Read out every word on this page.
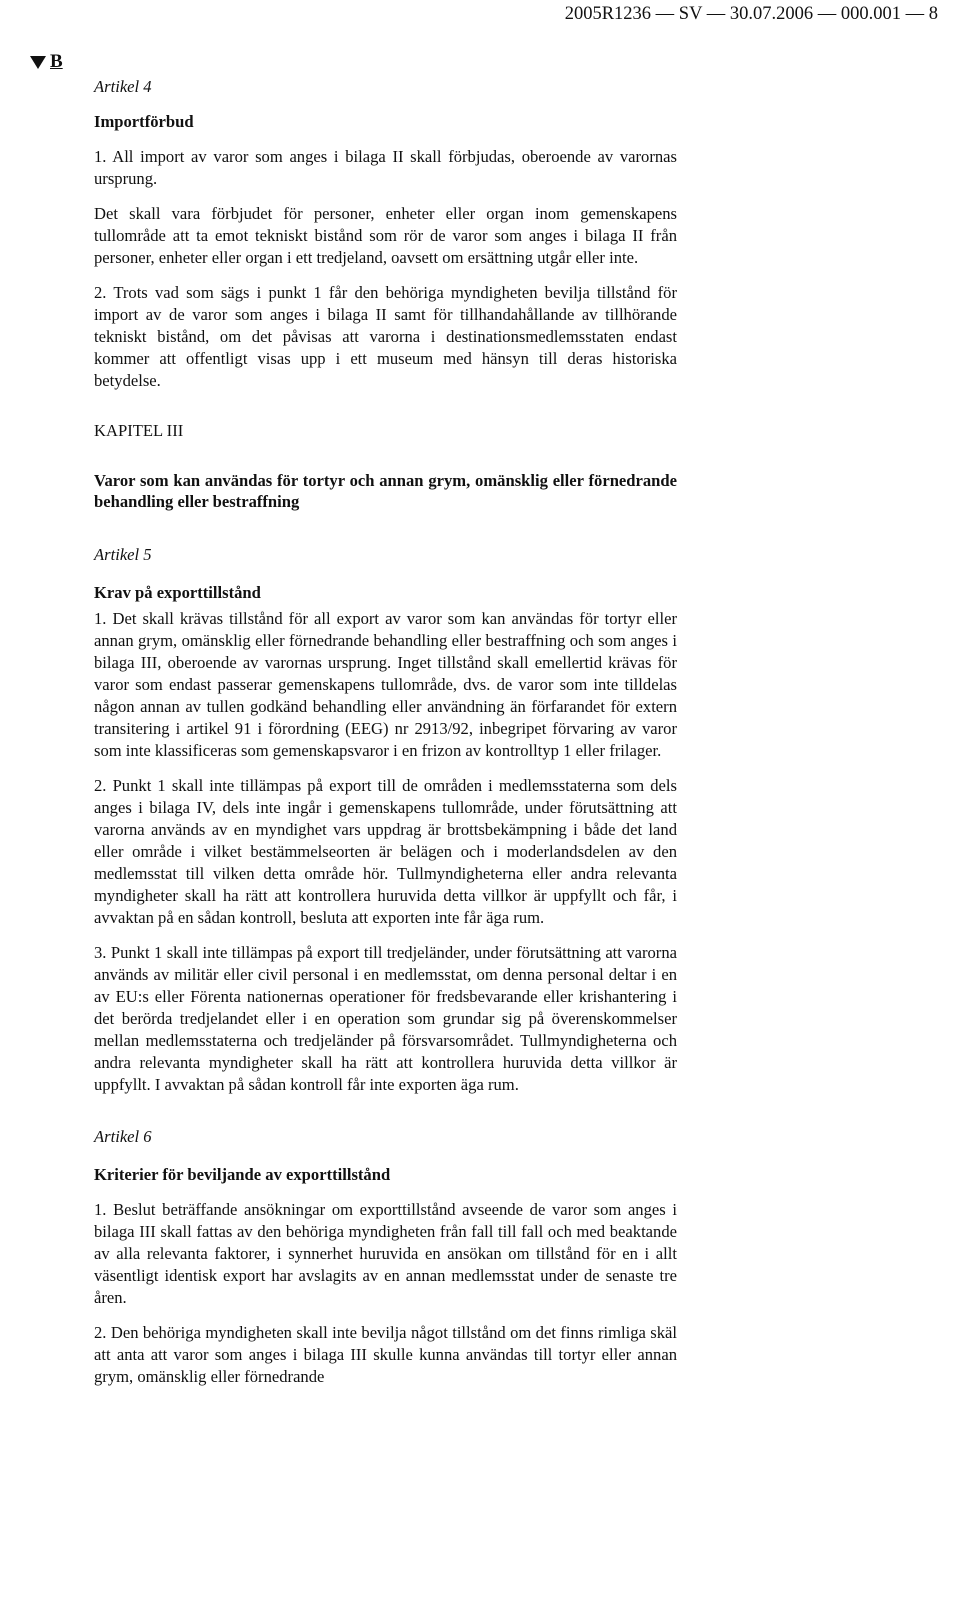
2005R1236 — SV — 30.07.2006 — 000.001 — 8
B

Artikel 4

Importförbud

1. All import av varor som anges i bilaga II skall förbjudas, oberoende av varornas ursprung.

Det skall vara förbjudet för personer, enheter eller organ inom gemenskapens tullområde att ta emot tekniskt bistånd som rör de varor som anges i bilaga II från personer, enheter eller organ i ett tredjeland, oavsett om ersättning utgår eller inte.

2. Trots vad som sägs i punkt 1 får den behöriga myndigheten bevilja tillstånd för import av de varor som anges i bilaga II samt för tillhandahållande av tillhörande tekniskt bistånd, om det påvisas att varorna i destinationsmedlemsstaten endast kommer att offentligt visas upp i ett museum med hänsyn till deras historiska betydelse.

KAPITEL III

Varor som kan användas för tortyr och annan grym, omänsklig eller förnedrande behandling eller bestraffning

Artikel 5

Krav på exporttillstånd

1. Det skall krävas tillstånd för all export av varor som kan användas för tortyr eller annan grym, omänsklig eller förnedrande behandling eller bestraffning och som anges i bilaga III, oberoende av varornas ursprung. Inget tillstånd skall emellertid krävas för varor som endast passerar gemenskapens tullområde, dvs. de varor som inte tilldelas någon annan av tullen godkänd behandling eller användning än förfarandet för extern transitering i artikel 91 i förordning (EEG) nr 2913/92, inbegripet förvaring av varor som inte klassificeras som gemenskapsvaror i en frizon av kontrolltyp 1 eller frilager.

2. Punkt 1 skall inte tillämpas på export till de områden i medlemsstaterna som dels anges i bilaga IV, dels inte ingår i gemenskapens tullområde, under förutsättning att varorna används av en myndighet vars uppdrag är brottsbekämpning i både det land eller område i vilket bestämmelseorten är belägen och i moderlandsdelen av den medlemsstat till vilken detta område hör. Tullmyndigheterna eller andra relevanta myndigheter skall ha rätt att kontrollera huruvida detta villkor är uppfyllt och får, i avvaktan på en sådan kontroll, besluta att exporten inte får äga rum.

3. Punkt 1 skall inte tillämpas på export till tredjeländer, under förutsättning att varorna används av militär eller civil personal i en medlemsstat, om denna personal deltar i en av EU:s eller Förenta nationernas operationer för fredsbevarande eller krishantering i det berörda tredjelandet eller i en operation som grundar sig på överenskommelser mellan medlemsstaterna och tredjeländer på försvarsområdet. Tullmyndigheterna och andra relevanta myndigheter skall ha rätt att kontrollera huruvida detta villkor är uppfyllt. I avvaktan på sådan kontroll får inte exporten äga rum.

Artikel 6

Kriterier för beviljande av exporttillstånd

1. Beslut beträffande ansökningar om exporttillstånd avseende de varor som anges i bilaga III skall fattas av den behöriga myndigheten från fall till fall och med beaktande av alla relevanta faktorer, i synnerhet huruvida en ansökan om tillstånd för en i allt väsentligt identisk export har avslagits av en annan medlemsstat under de senaste tre åren.

2. Den behöriga myndigheten skall inte bevilja något tillstånd om det finns rimliga skäl att anta att varor som anges i bilaga III skulle kunna användas till tortyr eller annan grym, omänsklig eller förnedrande
